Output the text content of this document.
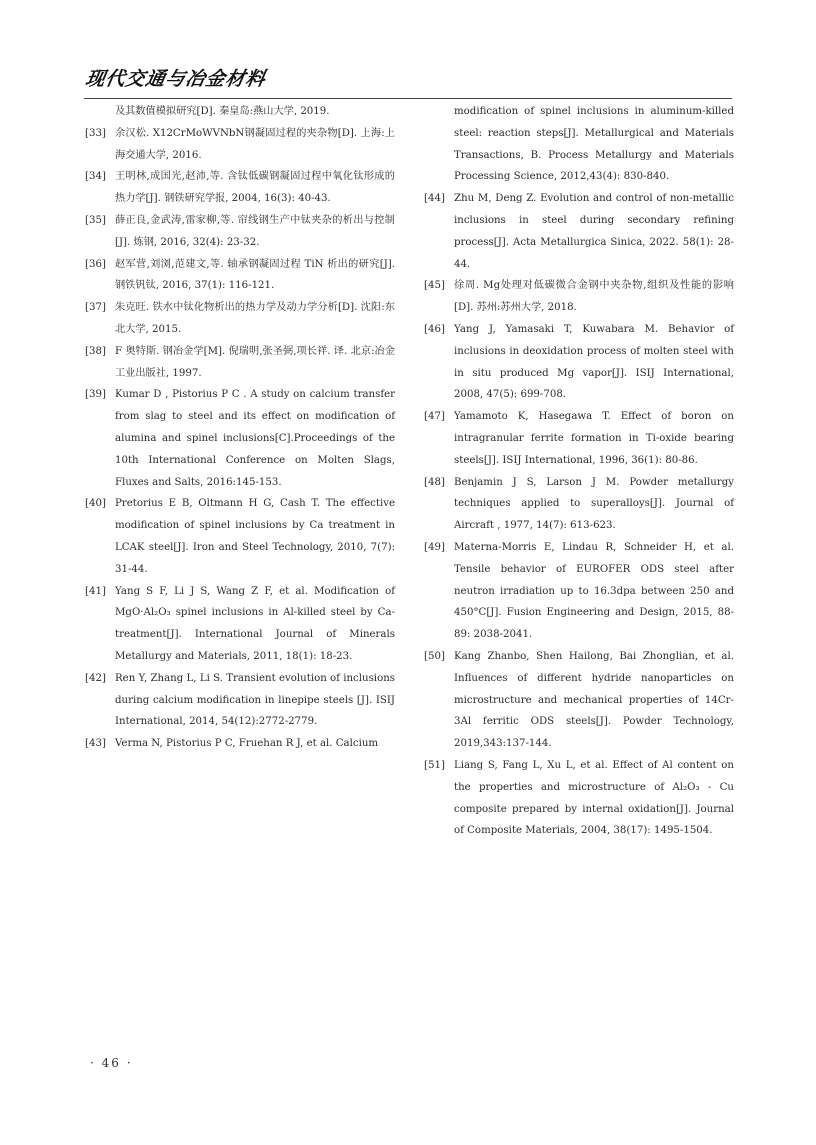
现代交通与冶金材料
及其数值模拟研究[D]. 秦皇岛:燕山大学, 2019.
[33] 余汉松. X12CrMoWVNbN钢凝固过程的夹杂物[D]. 上海:上海交通大学, 2016.
[34] 王明林,成国光,赵沛,等. 含钛低碳钢凝固过程中氧化钛形成的热力学[J]. 钢铁研究学报, 2004, 16(3): 40-43.
[35] 薛正良,金武涛,雷家柳,等. 帘线钢生产中钛夹杂的析出与控制[J]. 炼钢, 2016, 32(4): 23-32.
[36] 赵军营,刘浏,范建文,等. 轴承钢凝固过程 TiN 析出的研究[J]. 钢铁钒钛, 2016, 37(1): 116-121.
[37] 朱克旺. 铁水中钛化物析出的热力学及动力学分析[D]. 沈阳:东北大学, 2015.
[38] F 奥特斯. 钢冶金学[M]. 倪瑞明,张圣弼,项长祥. 译. 北京:冶金工业出版社, 1997.
[39] Kumar D , Pistorius P C . A study on calcium transfer from slag to steel and its effect on modification of alumina and spinel inclusions[C].Proceedings of the 10th International Conference on Molten Slags, Fluxes and Salts, 2016:145-153.
[40] Pretorius E B, Oltmann H G, Cash T. The effective modification of spinel inclusions by Ca treatment in LCAK steel[J]. Iron and Steel Technology, 2010, 7(7): 31-44.
[41] Yang S F, Li J S, Wang Z F, et al. Modification of MgO·Al₂O₃ spinel inclusions in Al-killed steel by Ca-treatment[J]. International Journal of Minerals Metallurgy and Materials, 2011, 18(1): 18-23.
[42] Ren Y, Zhang L, Li S. Transient evolution of inclusions during calcium modification in linepipe steels [J]. ISIJ International, 2014, 54(12):2772-2779.
[43] Verma N, Pistorius P C, Fruehan R J, et al. Calcium
modification of spinel inclusions in aluminum-killed steel: reaction steps[J]. Metallurgical and Materials Transactions, B. Process Metallurgy and Materials Processing Science, 2012,43(4): 830-840.
[44] Zhu M, Deng Z. Evolution and control of non-metallic inclusions in steel during secondary refining process[J]. Acta Metallurgica Sinica, 2022. 58(1): 28-44.
[45] 徐周. Mg处理对低碳微合金钢中夹杂物,组织及性能的影响[D]. 苏州:苏州大学, 2018.
[46] Yang J, Yamasaki T, Kuwabara M. Behavior of inclusions in deoxidation process of molten steel with in situ produced Mg vapor[J]. ISIJ International, 2008, 47(5): 699-708.
[47] Yamamoto K, Hasegawa T. Effect of boron on intragranular ferrite formation in Ti-oxide bearing steels[J]. ISIJ International, 1996, 36(1): 80-86.
[48] Benjamin J S, Larson J M. Powder metallurgy techniques applied to superalloys[J]. Journal of Aircraft , 1977, 14(7): 613-623.
[49] Materna-Morris E, Lindau R, Schneider H, et al. Tensile behavior of EUROFER ODS steel after neutron irradiation up to 16.3dpa between 250 and 450°C[J]. Fusion Engineering and Design, 2015, 88-89: 2038-2041.
[50] Kang Zhanbo, Shen Hailong, Bai Zhonglian, et al. Influences of different hydride nanoparticles on microstructure and mechanical properties of 14Cr-3Al ferritic ODS steels[J]. Powder Technology, 2019,343:137-144.
[51] Liang S, Fang L, Xu L, et al. Effect of Al content on the properties and microstructure of Al₂O₃ - Cu composite prepared by internal oxidation[J]. Journal of Composite Materials, 2004, 38(17): 1495-1504.
· 46 ·
